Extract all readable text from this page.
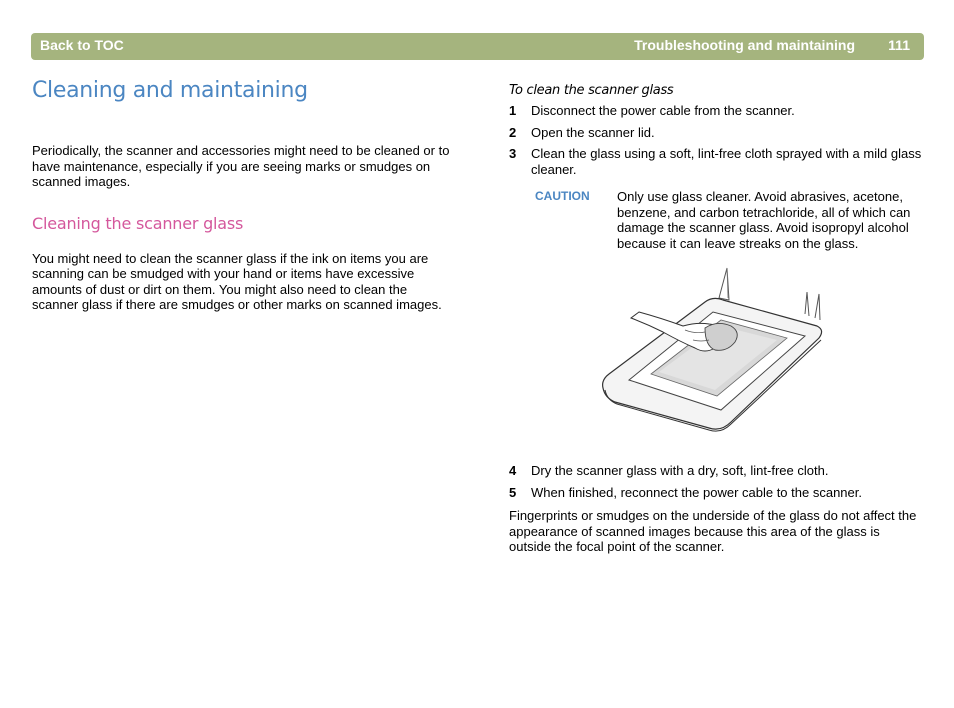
Back to TOC	Troubleshooting and maintaining 111
Cleaning and maintaining

Periodically, the scanner and accessories might need to be cleaned or to have maintenance, especially if you are seeing marks or smudges on scanned images.

Cleaning the scanner glass

You might need to clean the scanner glass if the ink on items you are scanning can be smudged with your hand or items have excessive amounts of dust or dirt on them. You might also need to clean the scanner glass if there are smudges or other marks on scanned images.

To clean the scanner glass
1 Disconnect the power cable from the scanner.
2 Open the scanner lid.
3 Clean the glass using a soft, lint-free cloth sprayed with a mild glass cleaner.
CAUTION Only use glass cleaner. Avoid abrasives, acetone, benzene, and carbon tetrachloride, all of which can damage the scanner glass. Avoid isopropyl alcohol because it can leave streaks on the glass.
4 Dry the scanner glass with a dry, soft, lint-free cloth.
5 When finished, reconnect the power cable to the scanner.

Fingerprints or smudges on the underside of the glass do not affect the appearance of scanned images because this area of the glass is outside the focal point of the scanner.
